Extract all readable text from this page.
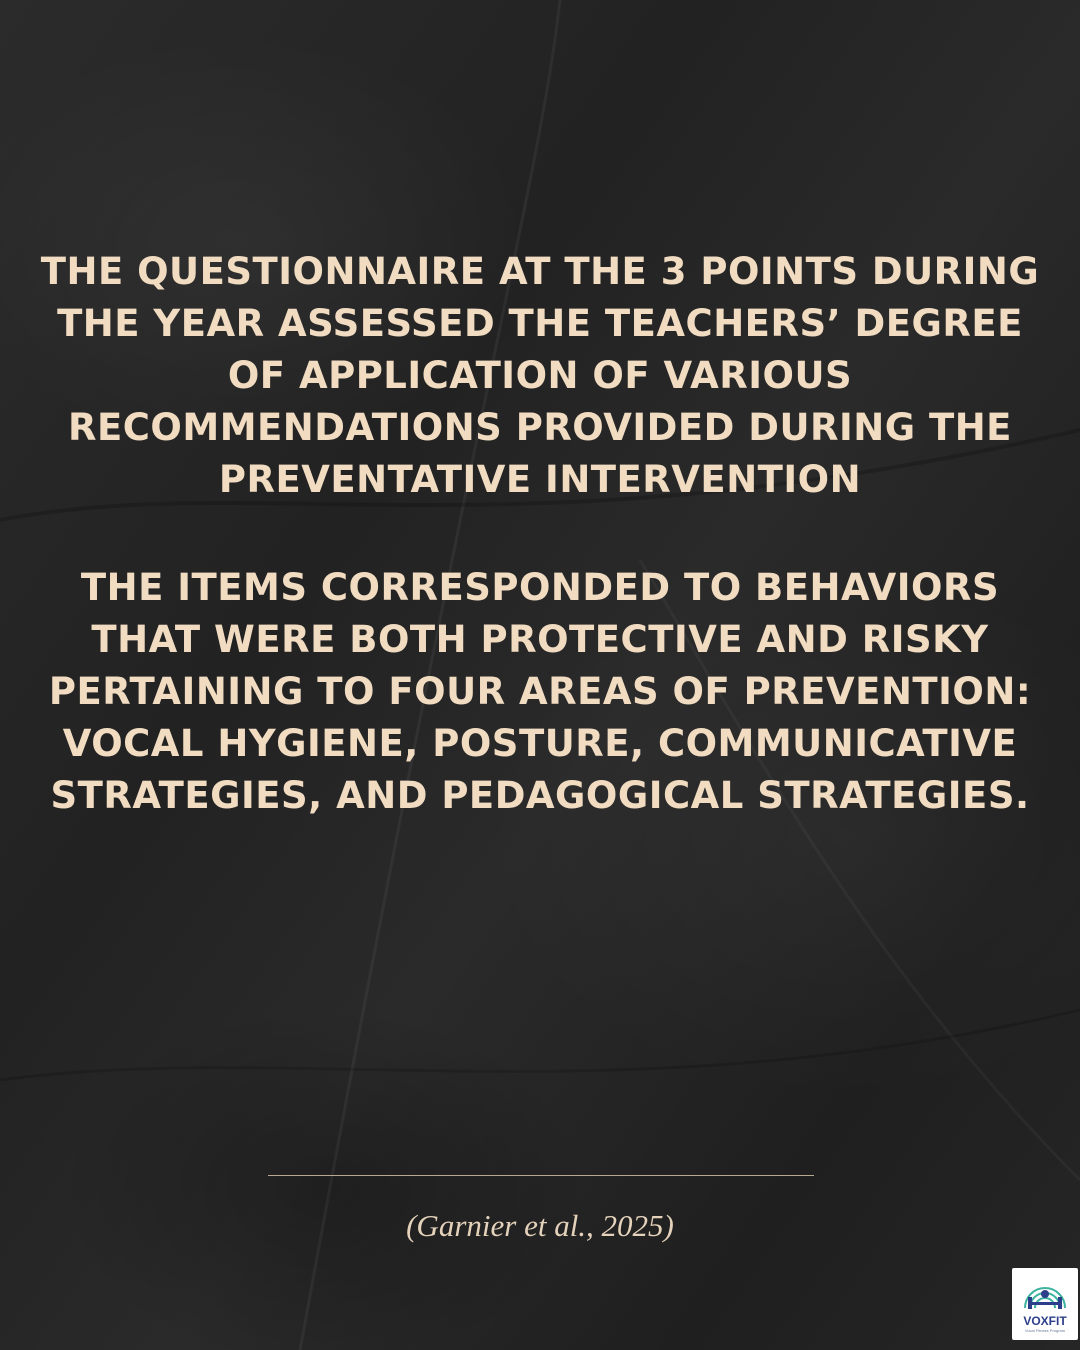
THE QUESTIONNAIRE AT THE 3 POINTS DURING THE YEAR ASSESSED THE TEACHERS’ DEGREE OF APPLICATION OF VARIOUS RECOMMENDATIONS PROVIDED DURING THE PREVENTATIVE INTERVENTION

THE ITEMS CORRESPONDED TO BEHAVIORS THAT WERE BOTH PROTECTIVE AND RISKY PERTAINING TO FOUR AREAS OF PREVENTION: VOCAL HYGIENE, POSTURE, COMMUNICATIVE STRATEGIES, AND PEDAGOGICAL STRATEGIES.

(Garnier et al., 2025)
VOXFIT
Vocal Fitness Program
